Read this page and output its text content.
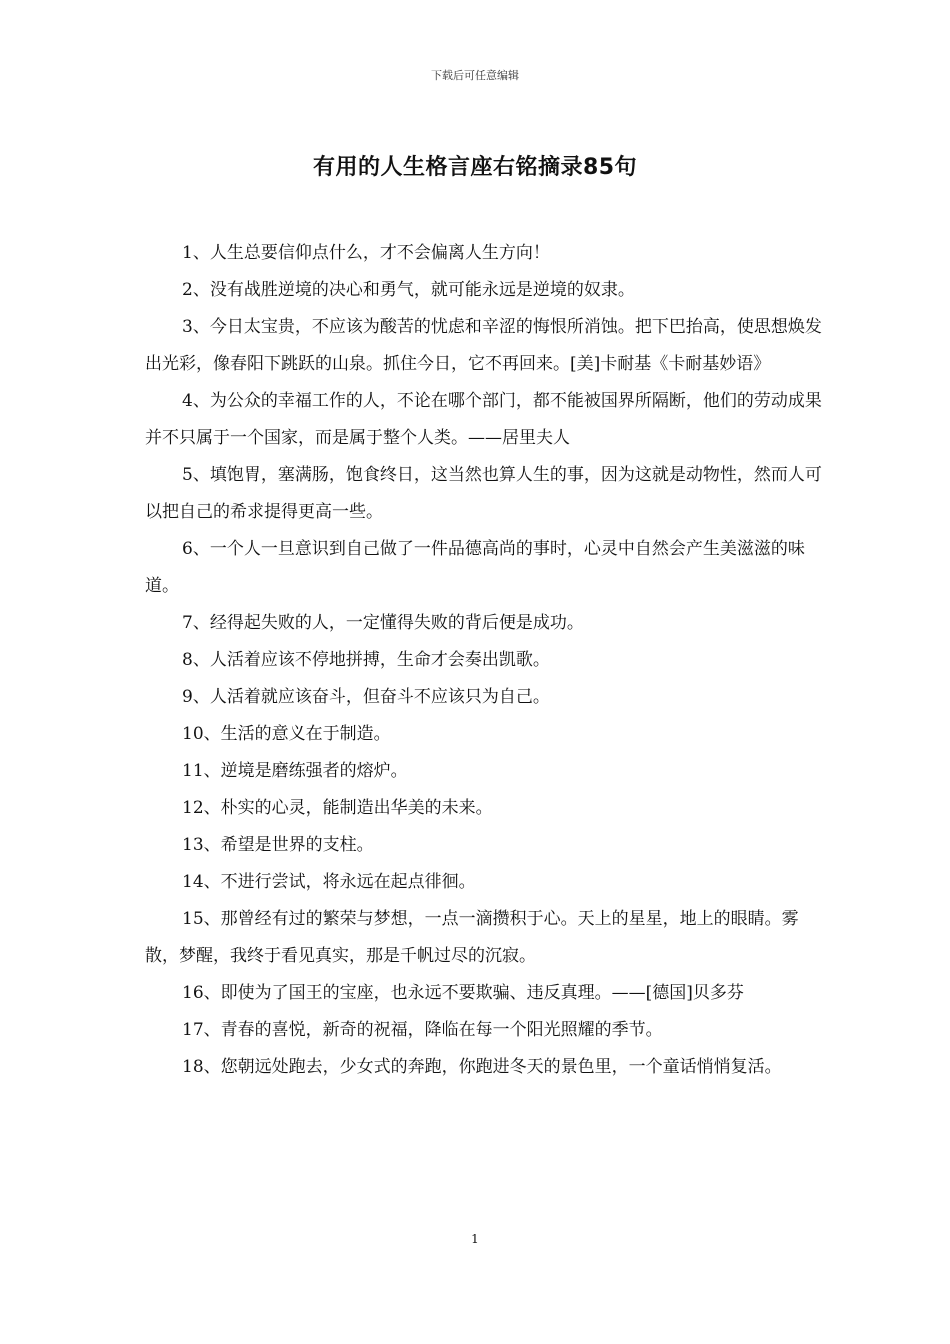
下载后可任意编辑
有用的人生格言座右铭摘录85句

1、人生总要信仰点什么，才不会偏离人生方向！

2、没有战胜逆境的决心和勇气，就可能永远是逆境的奴隶。

3、今日太宝贵，不应该为酸苦的忧虑和辛涩的悔恨所消蚀。把下巴抬高，使思想焕发出光彩，像春阳下跳跃的山泉。抓住今日，它不再回来。[美]卡耐基《卡耐基妙语》

4、为公众的幸福工作的人，不论在哪个部门，都不能被国界所隔断，他们的劳动成果并不只属于一个国家，而是属于整个人类。——居里夫人

5、填饱胃，塞满肠，饱食终日，这当然也算人生的事，因为这就是动物性，然而人可以把自己的希求提得更高一些。

6、一个人一旦意识到自己做了一件品德高尚的事时，心灵中自然会产生美滋滋的味道。

7、经得起失败的人，一定懂得失败的背后便是成功。

8、人活着应该不停地拼搏，生命才会奏出凯歌。

9、人活着就应该奋斗，但奋斗不应该只为自己。

10、生活的意义在于制造。

11、逆境是磨练强者的熔炉。

12、朴实的心灵，能制造出华美的未来。

13、希望是世界的支柱。

14、不进行尝试，将永远在起点徘徊。

15、那曾经有过的繁荣与梦想，一点一滴攒积于心。天上的星星，地上的眼睛。雾散，梦醒，我终于看见真实，那是千帆过尽的沉寂。

16、即使为了国王的宝座，也永远不要欺骗、违反真理。——[德国]贝多芬

17、青春的喜悦，新奇的祝福，降临在每一个阳光照耀的季节。

18、您朝远处跑去，少女式的奔跑，你跑进冬天的景色里，一个童话悄悄复活。

1
